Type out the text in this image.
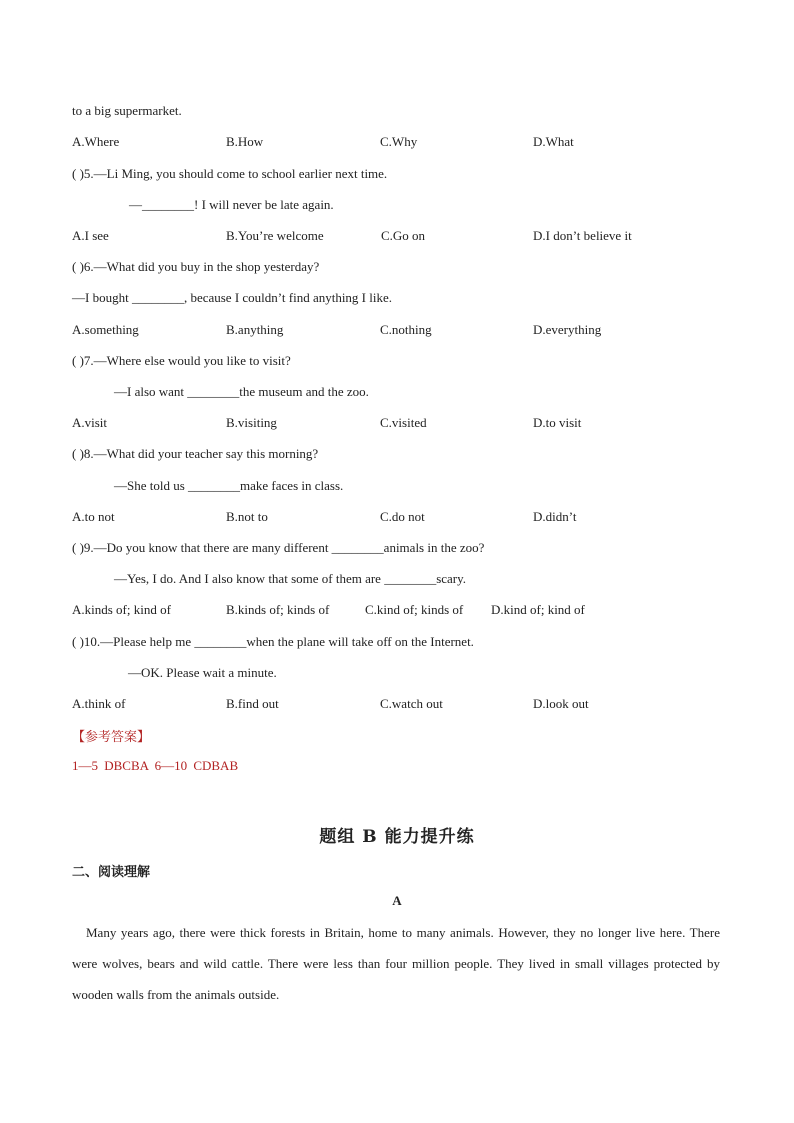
to a big supermarket.
A.Where	B.How	C.Why	D.What
( )5.—Li Ming, you should come to school earlier next time.
—________! I will never be late again.
A.I see	B.You’re welcome	C.Go on	D.I don’t believe it
( )6.—What did you buy in the shop yesterday?
—I bought ________, because I couldn’t find anything I like.
A.something	B.anything	C.nothing	D.everything
( )7.—Where else would you like to visit?
—I also want ________the museum and the zoo.
A.visit	B.visiting	C.visited	D.to visit
( )8.—What did your teacher say this morning?
—She told us ________make faces in class.
A.to not	B.not to	C.do not	D.didn’t
( )9.—Do you know that there are many different ________animals in the zoo?
—Yes, I do. And I also know that some of them are ________scary.
A.kinds of; kind of	B.kinds of; kinds of	C.kind of; kinds of D.kind of; kind of
( )10.—Please help me ________when the plane will take off on the Internet.
—OK. Please wait a minute.
A.think of	B.find out	C.watch out	D.look out
【参考答案】
1—5 DBCBA 6—10 CDBAB
题组 B 能力提升练
二、阅读理解
A
Many years ago, there were thick forests in Britain, home to many animals. However, they no longer live here. There were wolves, bears and wild cattle. There were less than four million people. They lived in small villages protected by wooden walls from the animals outside.
